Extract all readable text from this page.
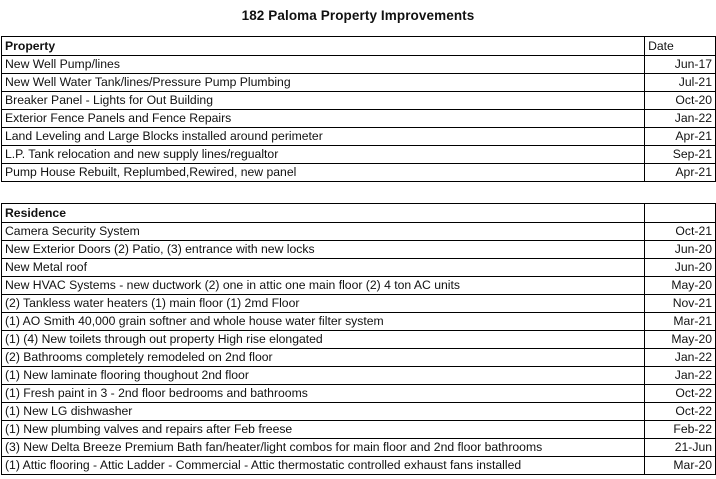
182 Paloma Property Improvements
Property	Date
New Well Pump/lines	Jun-17
New Well Water Tank/lines/Pressure Pump Plumbing	Jul-21
Breaker Panel - Lights for Out Building	Oct-20
Exterior Fence Panels and Fence Repairs	Jan-22
Land Leveling and Large Blocks installed around perimeter	Apr-21
L.P. Tank relocation and new supply lines/regualtor	Sep-21
Pump House Rebuilt, Replumbed,Rewired, new panel	Apr-21
Residence	
Camera Security System	Oct-21
New Exterior Doors (2) Patio, (3) entrance with new locks	Jun-20
New Metal roof	Jun-20
New HVAC Systems - new ductwork (2) one in attic one main floor (2) 4 ton AC units	May-20
(2) Tankless water heaters (1) main floor (1) 2md Floor	Nov-21
(1) AO Smith 40,000 grain softner and whole house water filter system	Mar-21
(1) (4) New toilets through out property High rise elongated	May-20
(2) Bathrooms completely remodeled on 2nd floor	Jan-22
(1) New laminate flooring thoughout 2nd floor	Jan-22
(1) Fresh paint in 3 - 2nd floor bedrooms and bathrooms	Oct-22
(1) New LG dishwasher	Oct-22
(1) New plumbing valves and repairs after Feb freese	Feb-22
(3) New Delta Breeze Premium Bath fan/heater/light combos for main floor and 2nd floor bathrooms	21-Jun
(1) Attic flooring - Attic Ladder - Commercial - Attic thermostatic controlled exhaust fans installed	Mar-20
